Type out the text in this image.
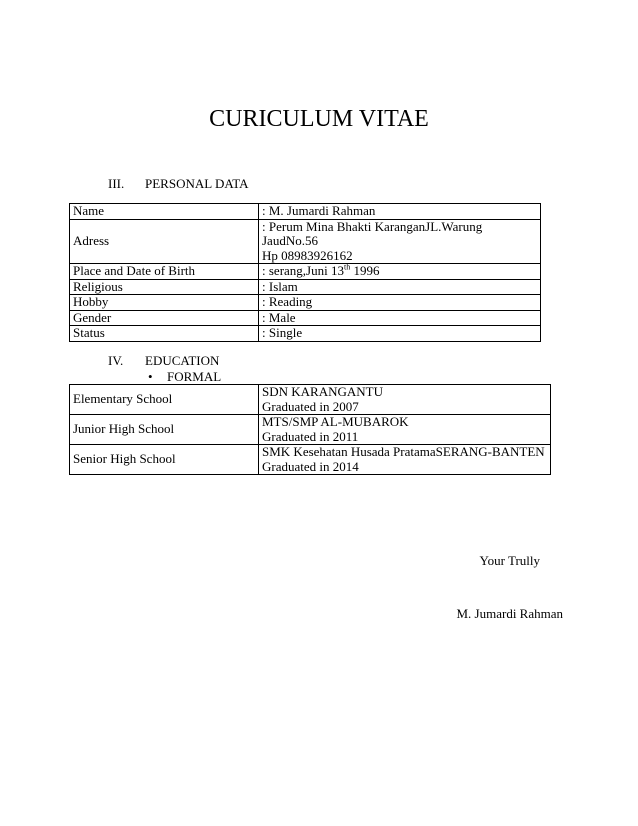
CURICULUM VITAE
III. PERSONAL DATA
Name	: M. Jumardi Rahman
Adress	: Perum Mina Bhakti KaranganJL.Warung JaudNo.56
Hp 08983926162

Place and Date of Birth	: serang,Juni 13th 1996
Religious	: Islam
Hobby	: Reading
Gender	: Male
Status	: Single
IV. EDUCATION
• FORMAL
Elementary School	SDN KARANGANTU
Graduated in 2007

Junior High School	MTS/SMP AL-MUBAROK
Graduated in 2011

Senior High School	SMK Kesehatan Husada PratamaSERANG-BANTEN
Graduated in 2014
Your Trully
M. Jumardi Rahman
